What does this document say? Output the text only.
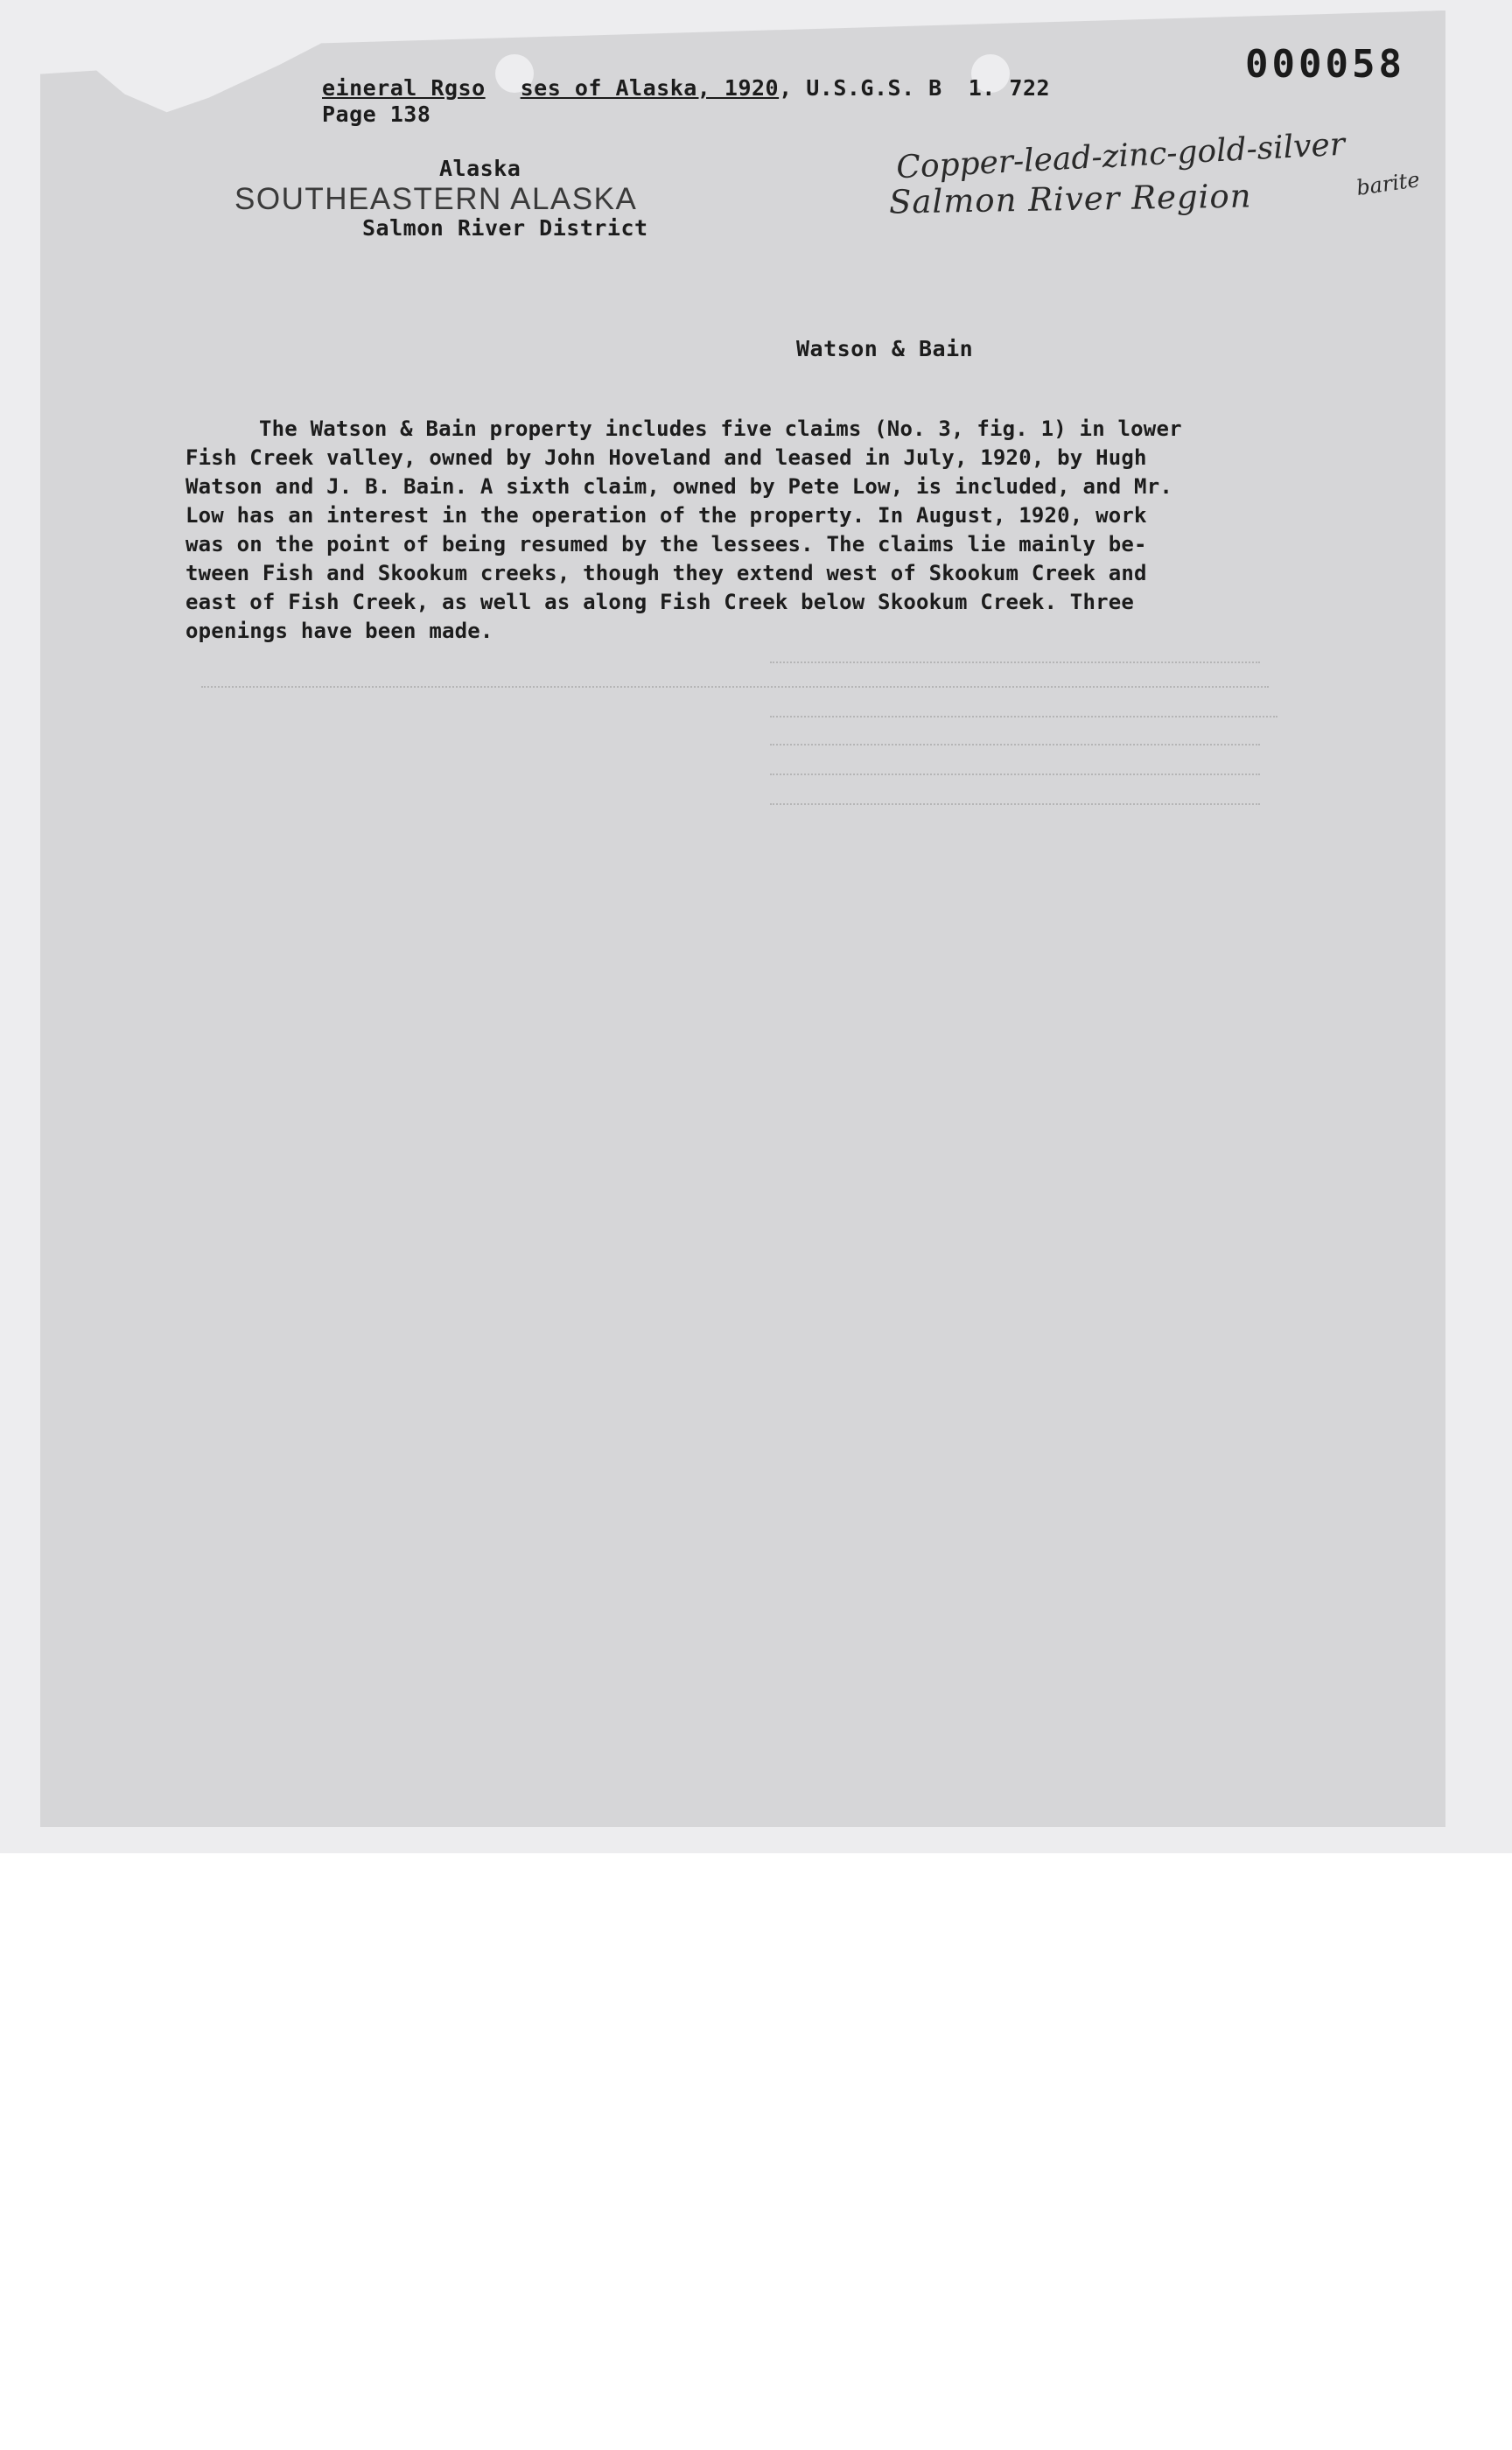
eineral Rgso ses of Alaska, 1920, U.S.G.S. B 1. 722
Page 138
000058
Alaska
SOUTHEASTERN ALASKA
Salmon River District
Copper-lead-zinc-gold-silver
Salmon River Region	barite
Watson & Bain
The Watson & Bain property includes five claims (No. 3, fig. 1) in lower
Fish Creek valley, owned by John Hoveland and leased in July, 1920, by Hugh
Watson and J. B. Bain. A sixth claim, owned by Pete Low, is included, and Mr.
Low has an interest in the operation of the property. In August, 1920, work
was on the point of being resumed by the lessees. The claims lie mainly be-
tween Fish and Skookum creeks, though they extend west of Skookum Creek and
east of Fish Creek, as well as along Fish Creek below Skookum Creek. Three
openings have been made.
